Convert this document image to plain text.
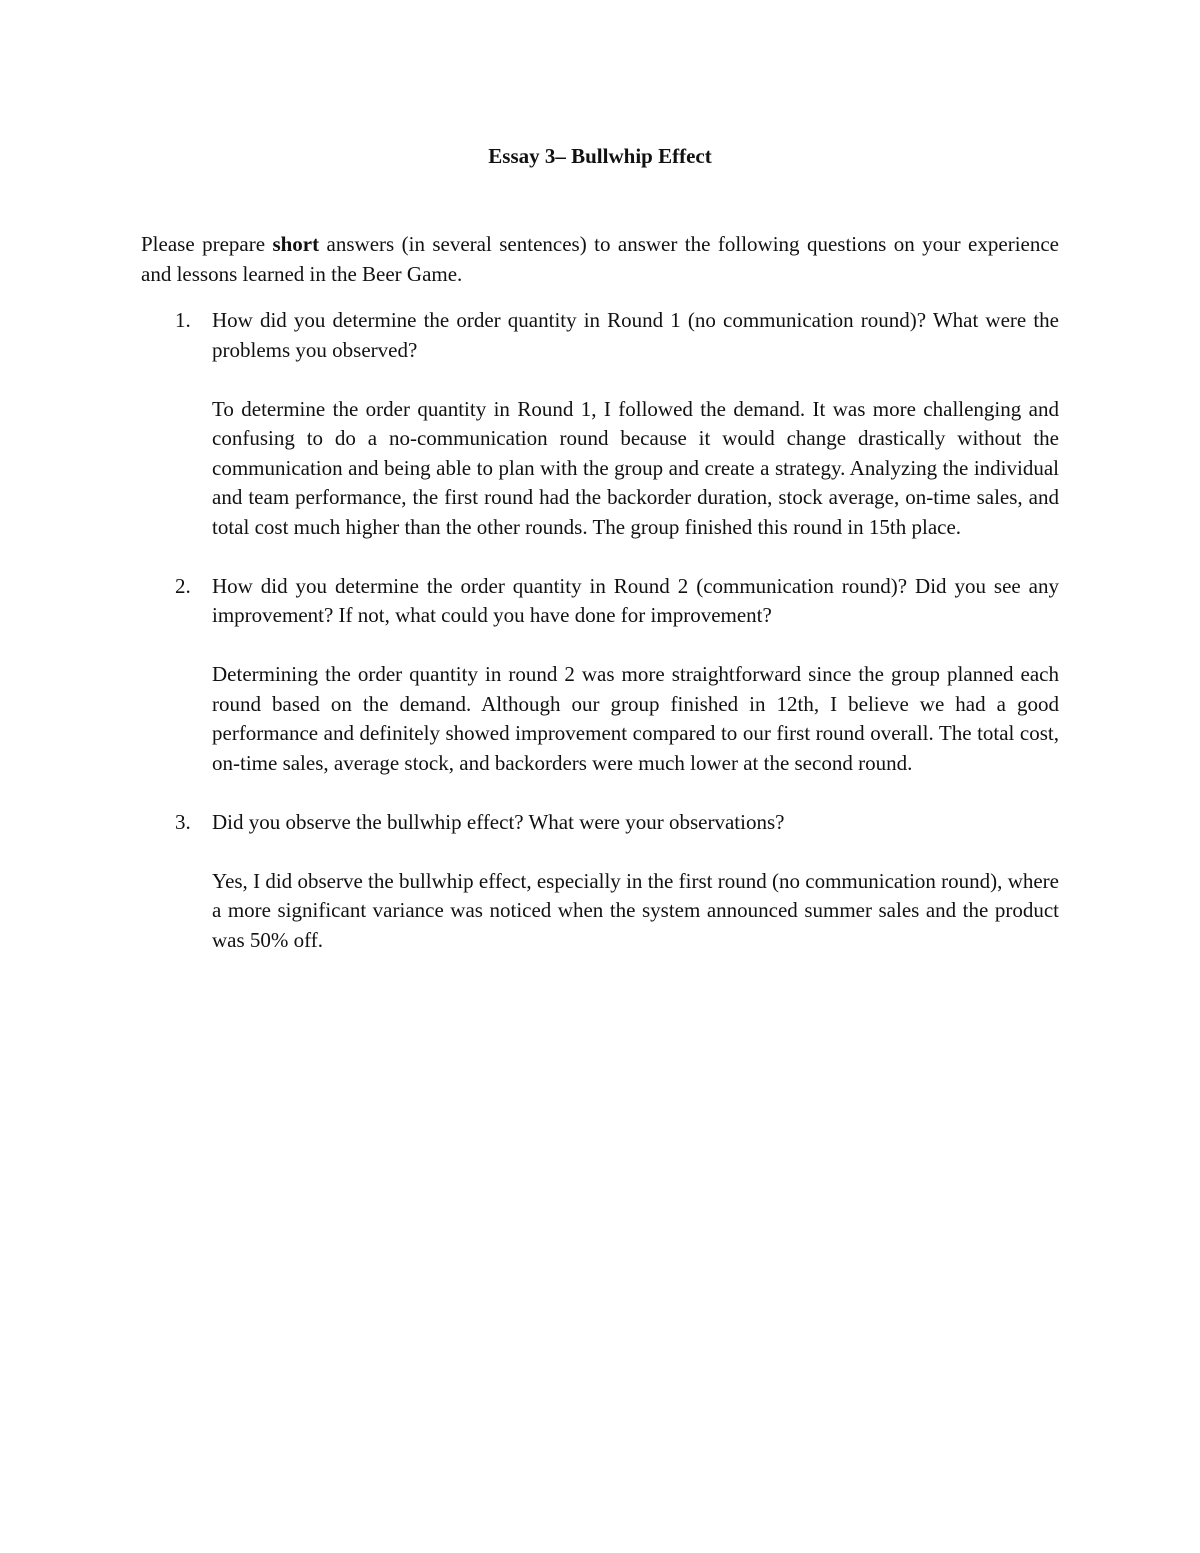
Essay 3– Bullwhip Effect

Please prepare short answers (in several sentences) to answer the following questions on your experience and lessons learned in the Beer Game.

1. How did you determine the order quantity in Round 1 (no communication round)? What were the problems you observed?

To determine the order quantity in Round 1, I followed the demand. It was more challenging and confusing to do a no-communication round because it would change drastically without the communication and being able to plan with the group and create a strategy. Analyzing the individual and team performance, the first round had the backorder duration, stock average, on-time sales, and total cost much higher than the other rounds. The group finished this round in 15th place.

2. How did you determine the order quantity in Round 2 (communication round)? Did you see any improvement? If not, what could you have done for improvement?

Determining the order quantity in round 2 was more straightforward since the group planned each round based on the demand. Although our group finished in 12th, I believe we had a good performance and definitely showed improvement compared to our first round overall. The total cost, on-time sales, average stock, and backorders were much lower at the second round.

3. Did you observe the bullwhip effect? What were your observations?

Yes, I did observe the bullwhip effect, especially in the first round (no communication round), where a more significant variance was noticed when the system announced summer sales and the product was 50% off.
